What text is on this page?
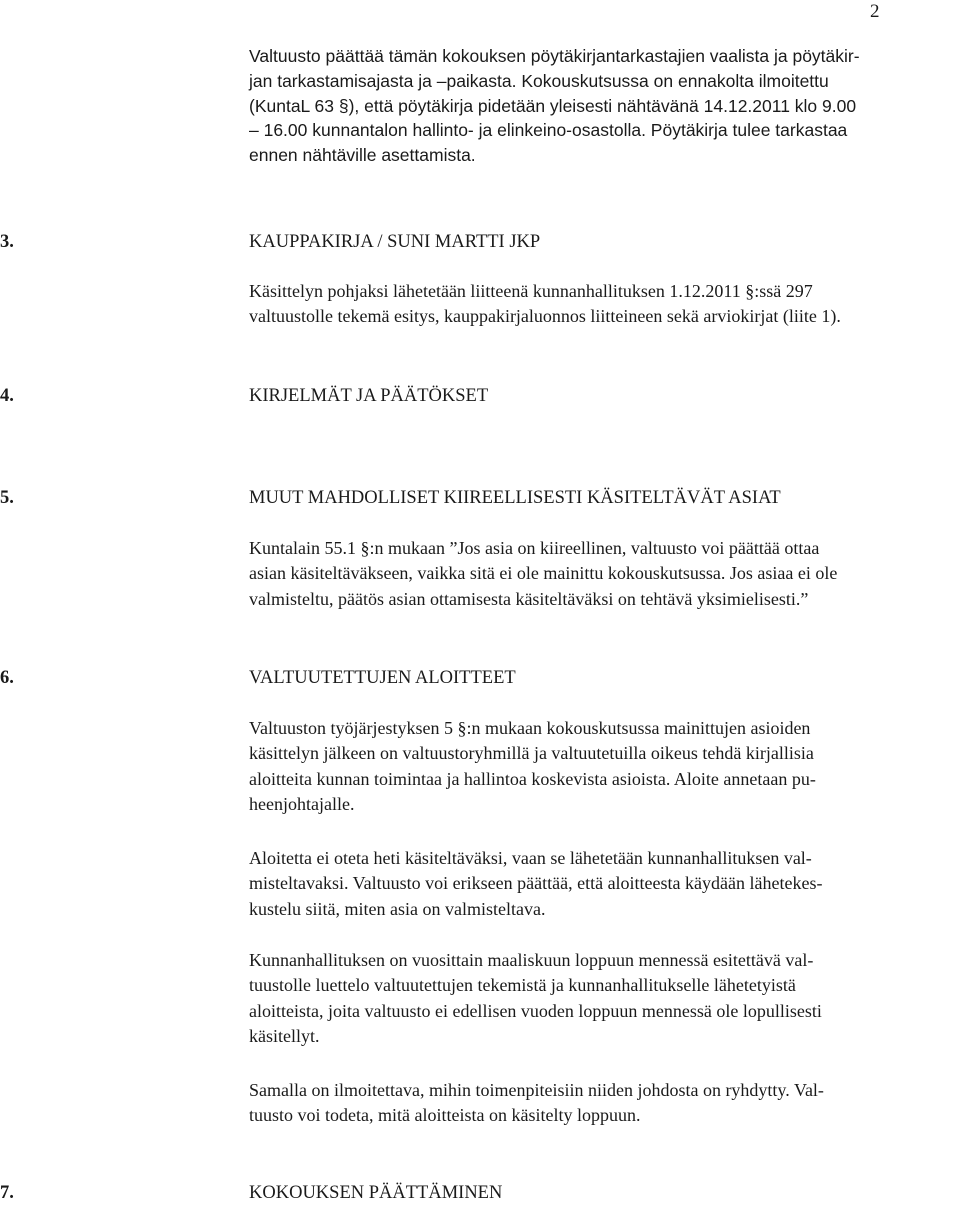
2
Valtuusto päättää tämän kokouksen pöytäkirjantarkastajien vaalista ja pöytäkir-
jan tarkastamisajasta ja –paikasta. Kokouskutsussa on ennakolta ilmoitettu
(KuntaL 63 §), että pöytäkirja pidetään yleisesti nähtävänä 14.12.2011 klo 9.00
– 16.00 kunnantalon hallinto- ja elinkeino-osastolla. Pöytäkirja tulee tarkastaa
ennen nähtäville asettamista.
3.	KAUPPAKIRJA / SUNI MARTTI JKP
Käsittelyn pohjaksi lähetetään liitteenä kunnanhallituksen 1.12.2011 §:ssä 297
valtuustolle tekemä esitys, kauppakirjaluonnos liitteineen sekä arviokirjat (liite 1).
4.	KIRJELMÄT JA PÄÄTÖKSET
5.	MUUT MAHDOLLISET KIIREELLISESTI KÄSITELTÄVÄT ASIAT
Kuntalain 55.1 §:n mukaan ”Jos asia on kiireellinen, valtuusto voi päättää ottaa
asian käsiteltäväkseen, vaikka sitä ei ole mainittu kokouskutsussa. Jos asiaa ei ole
valmisteltu, päätös asian ottamisesta käsiteltäväksi on tehtävä yksimielisesti.”
6.	VALTUUTETTUJEN ALOITTEET
Valtuuston työjärjestyksen 5 §:n mukaan kokouskutsussa mainittujen asioiden
käsittelyn jälkeen on valtuustoryhmillä ja valtuutetuilla oikeus tehdä kirjallisia
aloitteita kunnan toimintaa ja hallintoa koskevista asioista. Aloite annetaan pu-
heenjohtajalle.
Aloitetta ei oteta heti käsiteltäväksi, vaan se lähetetään kunnanhallituksen val-
misteltavaksi. Valtuusto voi erikseen päättää, että aloitteesta käydään lähetekes-
kustelu siitä, miten asia on valmisteltava.
Kunnanhallituksen on vuosittain maaliskuun loppuun mennessä esitettävä val-
tuustolle luettelo valtuutettujen tekemistä ja kunnanhallitukselle lähetetyistä
aloitteista, joita valtuusto ei edellisen vuoden loppuun mennessä ole lopullisesti
käsitellyt.
Samalla on ilmoitettava, mihin toimenpiteisiin niiden johdosta on ryhdytty. Val-
tuusto voi todeta, mitä aloitteista on käsitelty loppuun.
7.	KOKOUKSEN PÄÄTTÄMINEN
